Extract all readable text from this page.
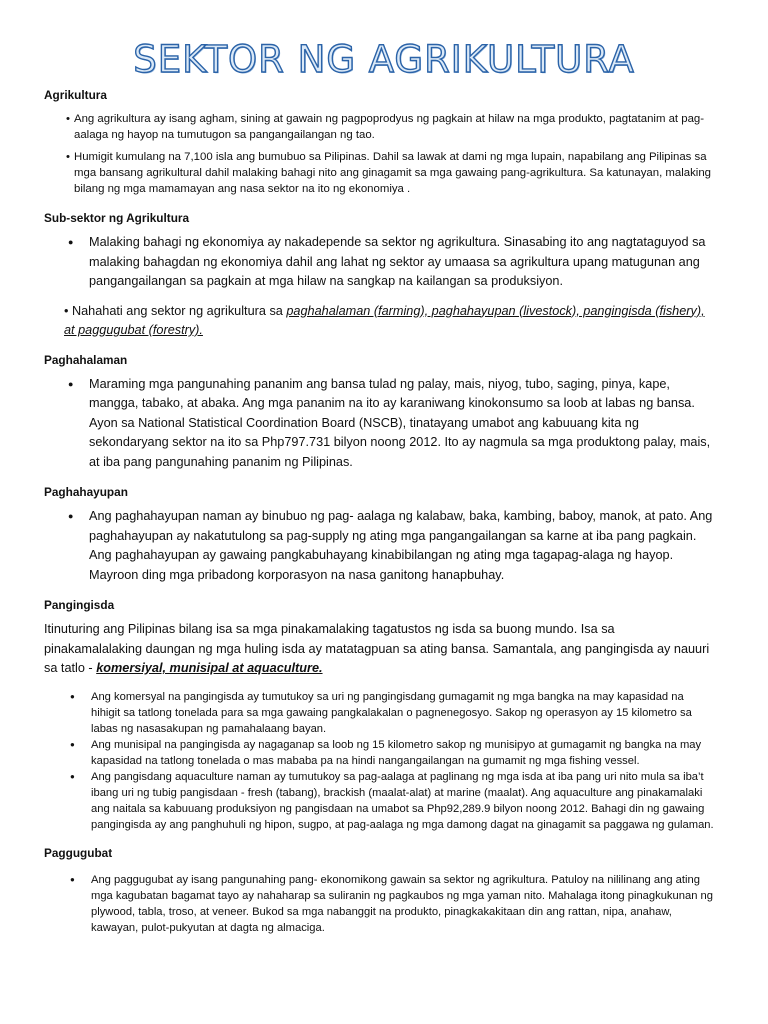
SEKTOR NG AGRIKULTURA

Agrikultura

• Ang agrikultura ay isang agham, sining at gawain ng pagpoprodyus ng pagkain at hilaw na mga produkto, pagtatanim at pag- aalaga ng hayop na tumutugon sa pangangailangan ng tao.
• Humigit kumulang na 7,100 isla ang bumubuo sa Pilipinas. Dahil sa lawak at dami ng mga lupain, napabilang ang Pilipinas sa mga bansang agrikultural dahil malaking bahagi nito ang ginagamit sa mga gawaing pang-agrikultura. Sa katunayan, malaking bilang ng mga mamamayan ang nasa sektor na ito ng ekonomiya .

Sub-sektor ng Agrikultura

● Malaking bahagi ng ekonomiya ay nakadepende sa sektor ng agrikultura. Sinasabing ito ang nagtataguyod sa malaking bahagdan ng ekonomiya dahil ang lahat ng sektor ay umaasa sa agrikultura upang matugunan ang pangangailangan sa pagkain at mga hilaw na sangkap na kailangan sa produksiyon.

• Nahahati ang sektor ng agrikultura sa paghahalaman (farming), paghahayupan (livestock), pangingisda (fishery), at paggugubat (forestry).

Paghahalaman

● Maraming mga pangunahing pananim ang bansa tulad ng palay, mais, niyog, tubo, saging, pinya, kape, mangga, tabako, at abaka. Ang mga pananim na ito ay karaniwang kinokonsumo sa loob at labas ng bansa. Ayon sa National Statistical Coordination Board (NSCB), tinatayang umabot ang kabuuang kita ng sekondaryang sektor na ito sa Php797.731 bilyon noong 2012. Ito ay nagmula sa mga produktong palay, mais, at iba pang pangunahing pananim ng Pilipinas.

Paghahayupan

● Ang paghahayupan naman ay binubuo ng pag- aalaga ng kalabaw, baka, kambing, baboy, manok, at pato. Ang paghahayupan ay nakatutulong sa pag-supply ng ating mga pangangailangan sa karne at iba pang pagkain. Ang paghahayupan ay gawaing pangkabuhayang kinabibilangan ng ating mga tagapag-alaga ng hayop. Mayroon ding mga pribadong korporasyon na nasa ganitong hanapbuhay.

Pangingisda

Itinuturing ang Pilipinas bilang isa sa mga pinakamalaking tagatustos ng isda sa buong mundo. Isa sa pinakamalalaking daungan ng mga huling isda ay matatagpuan sa ating bansa. Samantala, ang pangingisda ay nauuri sa tatlo - komersiyal, munisipal at aquaculture.

● Ang komersyal na pangingisda ay tumutukoy sa uri ng pangingisdang gumagamit ng mga bangka na may kapasidad na hihigit sa tatlong tonelada para sa mga gawaing pangkalakalan o pagnenegosyo. Sakop ng operasyon ay 15 kilometro sa labas ng nasasakupan ng pamahalaang bayan.
● Ang munisipal na pangingisda ay nagaganap sa loob ng 15 kilometro sakop ng munisipyo at gumagamit ng bangka na may kapasidad na tatlong tonelada o mas mababa pa na hindi nangangailangan na gumamit ng mga fishing vessel.
● Ang pangisdang aquaculture naman ay tumutukoy sa pag-aalaga at paglinang ng mga isda at iba pang uri nito mula sa iba’t ibang uri ng tubig pangisdaan - fresh (tabang), brackish (maalat-alat) at marine (maalat). Ang aquaculture ang pinakamalaki ang naitala sa kabuuang produksiyon ng pangisdaan na umabot sa Php92,289.9 bilyon noong 2012. Bahagi din ng gawaing pangingisda ay ang panghuhuli ng hipon, sugpo, at pag-aalaga ng mga damong dagat na ginagamit sa paggawa ng gulaman.

Paggugubat

● Ang paggugubat ay isang pangunahing pang- ekonomikong gawain sa sektor ng agrikultura. Patuloy na nililinang ang ating mga kagubatan bagamat tayo ay nahaharap sa suliranin ng pagkaubos ng mga yaman nito. Mahalaga itong pinagkukunan ng plywood, tabla, troso, at veneer. Bukod sa mga nabanggit na produkto, pinagkakakitaan din ang rattan, nipa, anahaw, kawayan, pulot-pukyutan at dagta ng almaciga.
